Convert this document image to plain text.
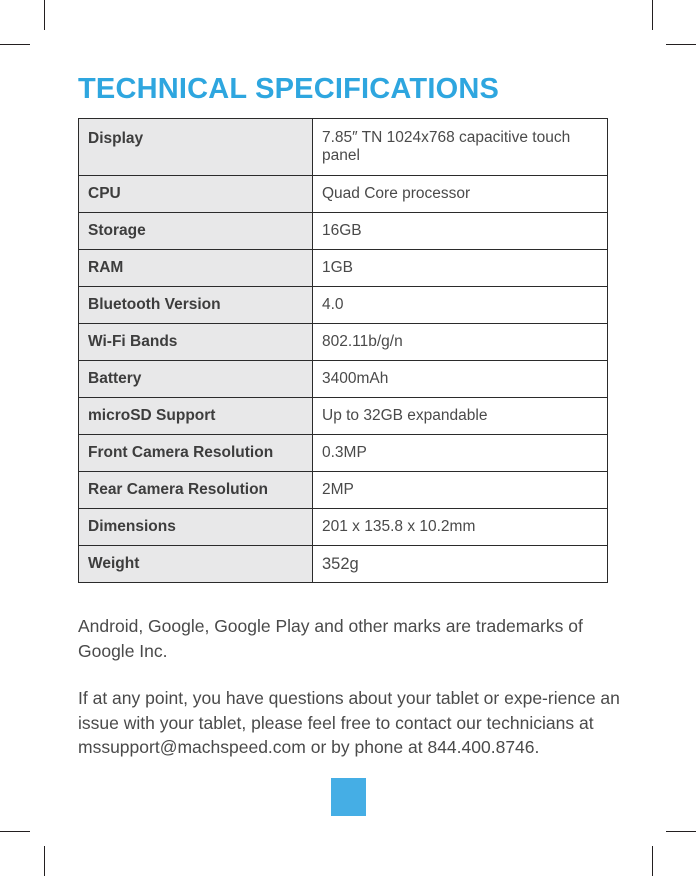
TECHNICAL SPECIFICATIONS
Display	7.85″ TN 1024x768 capacitive touch panel
CPU	Quad Core processor
Storage	16GB
RAM	1GB
Bluetooth Version	4.0
Wi-Fi Bands	802.11b/g/n
Battery	3400mAh
microSD Support	Up to 32GB expandable
Front Camera Resolution	0.3MP
Rear Camera Resolution	2MP
Dimensions	201 x 135.8 x 10.2mm
Weight	352g

Android, Google, Google Play and other marks are trademarks of Google Inc.

If at any point, you have questions about your tablet or expe-rience an issue with your tablet, please feel free to contact our technicians at mssupport@machspeed.com or by phone at 844.400.8746.
